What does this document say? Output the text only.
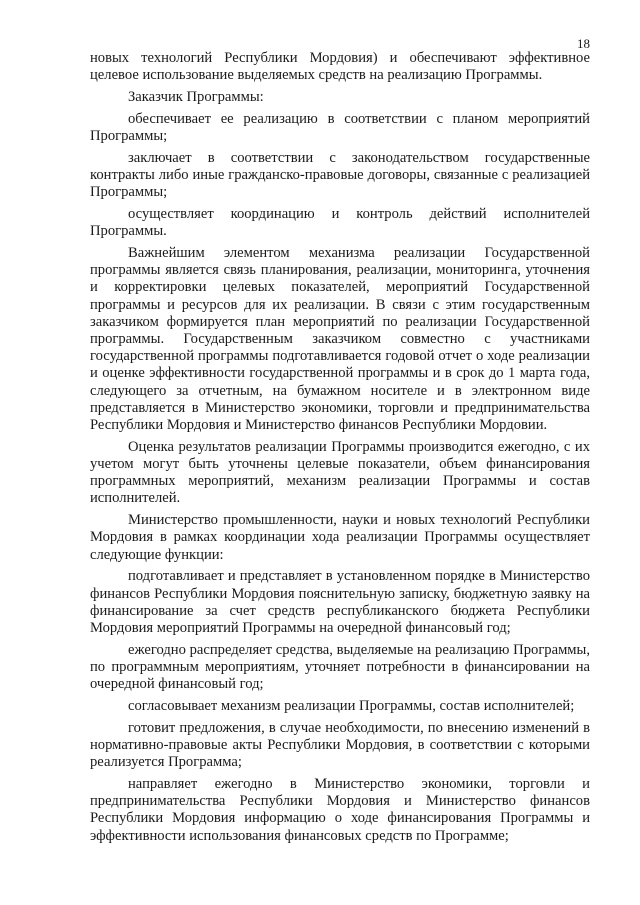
18

новых технологий Республики Мордовия) и обеспечивают эффективное целевое использование выделяемых средств на реализацию Программы.

Заказчик Программы:

обеспечивает ее реализацию в соответствии с планом мероприятий Программы;

заключает в соответствии с законодательством государственные контракты либо иные гражданско-правовые договоры, связанные с реализацией Программы;

осуществляет координацию и контроль действий исполнителей Программы.

Важнейшим элементом механизма реализации Государственной программы является связь планирования, реализации, мониторинга, уточнения и корректировки целевых показателей, мероприятий Государственной программы и ресурсов для их реализации. В связи с этим государственным заказчиком формируется план мероприятий по реализации Государственной программы. Государственным заказчиком совместно с участниками государственной программы подготавливается годовой отчет о ходе реализации и оценке эффективности государственной программы и в срок до 1 марта года, следующего за отчетным, на бумажном носителе и в электронном виде представляется в Министерство экономики, торговли и предпринимательства Республики Мордовия и Министерство финансов Республики Мордовии.

Оценка результатов реализации Программы производится ежегодно, с их учетом могут быть уточнены целевые показатели, объем финансирования программных мероприятий, механизм реализации Программы и состав исполнителей.

Министерство промышленности, науки и новых технологий Республики Мордовия в рамках координации хода реализации Программы осуществляет следующие функции:

подготавливает и представляет в установленном порядке в Министерство финансов Республики Мордовия пояснительную записку, бюджетную заявку на финансирование за счет средств республиканского бюджета Республики Мордовия мероприятий Программы на очередной финансовый год;

ежегодно распределяет средства, выделяемые на реализацию Программы, по программным мероприятиям, уточняет потребности в финансировании на очередной финансовый год;

согласовывает механизм реализации Программы, состав исполнителей;

готовит предложения, в случае необходимости, по внесению изменений в нормативно-правовые акты Республики Мордовия, в соответствии с которыми реализуется Программа;

направляет ежегодно в Министерство экономики, торговли и предпринимательства Республики Мордовия и Министерство финансов Республики Мордовия информацию о ходе финансирования Программы и эффективности использования финансовых средств по Программе;
